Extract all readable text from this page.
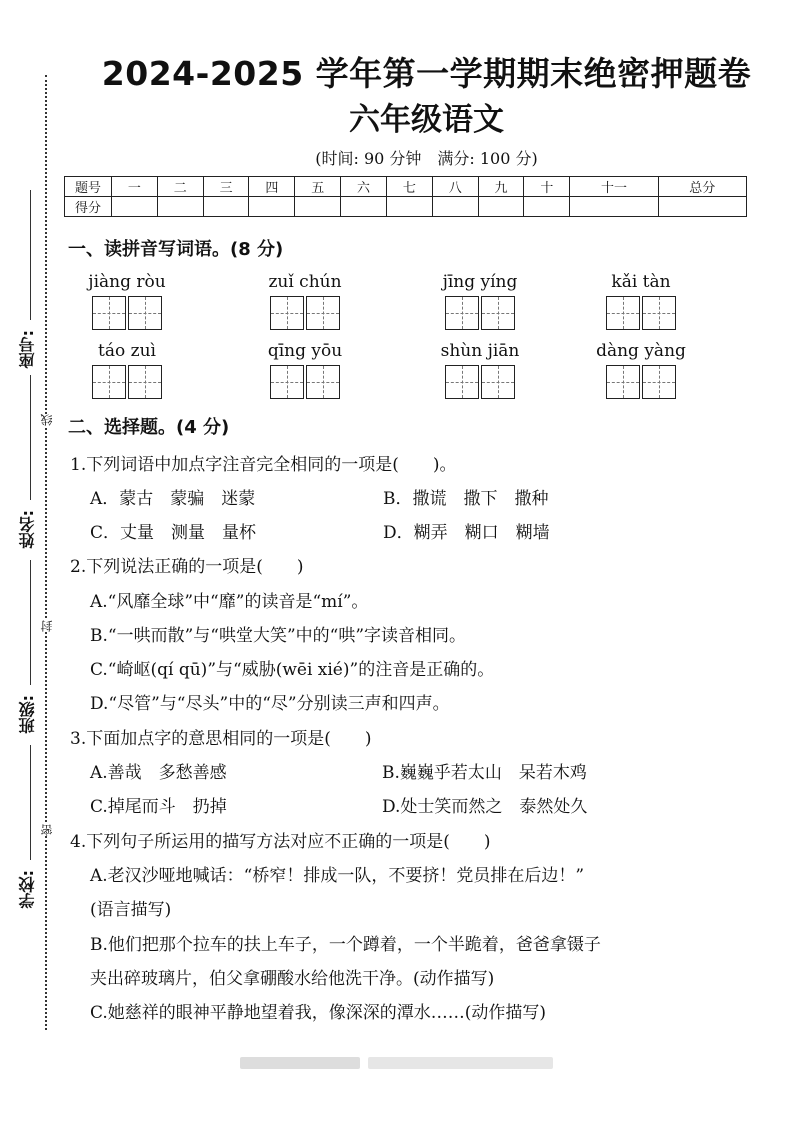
座号:
姓名:
班级:
学校:
线
封
密
2024-2025 学年第一学期期末绝密押题卷
六年级语文
(时间: 90 分钟　满分: 100 分)
题号	一	二	三	四	五	六	七	八	九	十	十一	总分
得分												
一、读拼音写词语。(8 分)
jiàng ròu	zuǐ chún	jīng yíng	kǎi tàn
táo zuì	qīng yōu	shùn jiān	dàng yàng
二、选择题。(4 分)
1.下列词语中加点字注音完全相同的一项是(　　)。
A．蒙古　蒙骗　迷蒙	B．撒谎　撒下　撒种
C．丈量　测量　量杯	D．糊弄　糊口　糊墙
2.下列说法正确的一项是(　　)
A.“风靡全球”中“靡”的读音是“mí”。
B.“一哄而散”与“哄堂大笑”中的“哄”字读音相同。
C.“崎岖(qí qū)”与“威胁(wēi xié)”的注音是正确的。
D.“尽管”与“尽头”中的“尽”分别读三声和四声。
3.下面加点字的意思相同的一项是(　　)
A.善哉　多愁善感	B.巍巍乎若太山　呆若木鸡
C.掉尾而斗　扔掉	D.处士笑而然之　泰然处久
4.下列句子所运用的描写方法对应不正确的一项是(　　)
A.老汉沙哑地喊话：“桥窄！排成一队，不要挤！党员排在后边！”
(语言描写)
B.他们把那个拉车的扶上车子，一个蹲着，一个半跪着，爸爸拿镊子
夹出碎玻璃片，伯父拿硼酸水给他洗干净。(动作描写)
C.她慈祥的眼神平静地望着我，像深深的潭水……(动作描写)
